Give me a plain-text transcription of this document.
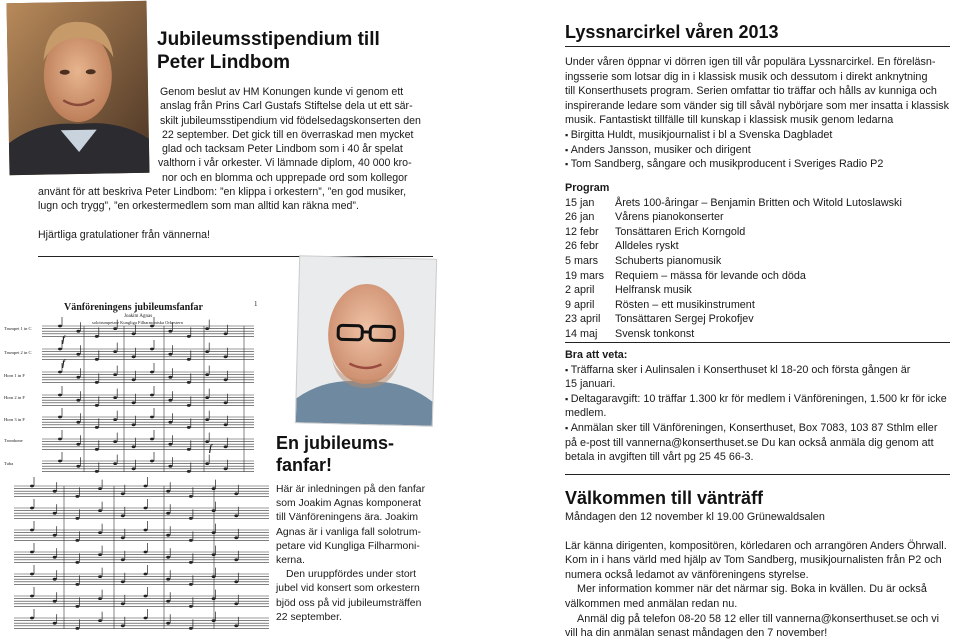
Jubileumsstipendium till
Peter Lindbom
Genom beslut av HM Konungen kunde vi genom ett
anslag från Prins Carl Gustafs Stiftelse dela ut ett sär-
skilt jubileumsstipendium vid födelsedagskonserten den
22 september. Det gick till en överraskad men mycket
glad och tacksam Peter Lindbom som i 40 år spelat
valthorn i vår orkester. Vi lämnade diplom, 40 000 kro-
nor och en blomma och upprepade ord som kollegor
använt för att beskriva Peter Lindbom: ”en klippa i orkestern”, ”en god musiker,
lugn och trygg”, ”en orkestermedlem som man alltid kan räkna med”.
Hjärtliga gratulationer från vännerna!
Vänföreningens jubileumsfanfar
Joakim Agnas
solotrumpetare Kungliga Filharmoniska Orkestern
1
Trumpet 1 in C
Trumpet 2 in C
Horn 1 in F
Horn 2 in F
Horn 3 in F
Trombone
Tuba
f
f
f	En jubileums-
fanfar!
Här är inledningen på den fanfar
som Joakim Agnas komponerat
till Vänföreningens ära. Joakim
Agnas är i vanliga fall solotrum-
petare vid Kungliga Filharmoni-
kerna.
Den uruppfördes under stort
jubel vid konsert som orkestern
bjöd oss på vid jubileumsträffen
22 september.
Lyssnarcirkel våren 2013
Under våren öppnar vi dörren igen till vår populära Lyssnarcirkel. En föreläsn-
ingsserie som lotsar dig in i klassisk musik och dessutom i direkt anknytning
till Konserthusets program. Serien omfattar tio träffar och hålls av kunniga och
inspirerande ledare som vänder sig till såväl nybörjare som mer insatta i klassisk
musik. Fantastiskt tillfälle till kunskap i klassisk musik genom ledarna
▪ Birgitta Huldt, musikjournalist i bl a Svenska Dagbladet
▪ Anders Jansson, musiker och dirigent
▪ Tom Sandberg, sångare och musikproducent i Sveriges Radio P2
Program
15 jan	Årets 100-åringar – Benjamin Britten och Witold Lutoslawski
26 jan	Vårens pianokonserter
12 febr	Tonsättaren Erich Korngold
26 febr	Alldeles ryskt
5 mars	Schuberts pianomusik
19 mars	Requiem – mässa för levande och döda
2 april	Helfransk musik
9 april	Rösten – ett musikinstrument
23 april	Tonsättaren Sergej Prokofjev
14 maj	Svensk tonkonst
Bra att veta:
▪ Träffarna sker i Aulinsalen i Konserthuset kl 18-20 och första gången är
15 januari.
▪ Deltagaravgift: 10 träffar 1.300 kr för medlem i Vänföreningen, 1.500 kr för icke
medlem.
▪ Anmälan sker till Vänföreningen, Konserthuset, Box 7083, 103 87 Sthlm eller
på e-post till vannerna@konserthuset.se Du kan också anmäla dig genom att
betala in avgiften till vårt pg 25 45 66-3.
Välkommen till vänträff
Måndagen den 12 november kl 19.00 Grünewaldsalen
Lär känna dirigenten, kompositören, körledaren och arrangören Anders Öhrwall.
Kom in i hans värld med hjälp av Tom Sandberg, musikjournalisten från P2 och
numera också ledamot av vänföreningens styrelse.
Mer information kommer när det närmar sig. Boka in kvällen. Du är också
välkommen med anmälan redan nu.
Anmäl dig på telefon 08-20 58 12 eller till vannerna@konserthuset.se och vi
vill ha din anmälan senast måndagen den 7 november!
